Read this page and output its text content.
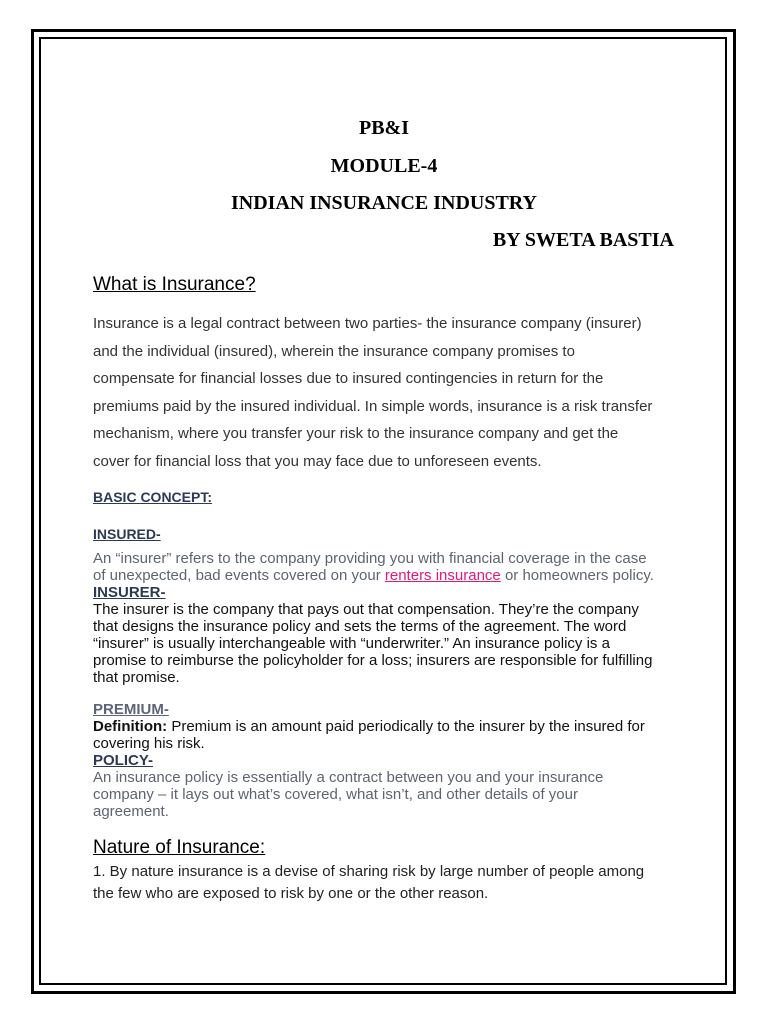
PB&I
MODULE-4
INDIAN INSURANCE INDUSTRY
BY SWETA BASTIA
What is Insurance?
Insurance is a legal contract between two parties- the insurance company (insurer)
and the individual (insured), wherein the insurance company promises to
compensate for financial losses due to insured contingencies in return for the
premiums paid by the insured individual. In simple words, insurance is a risk transfer
mechanism, where you transfer your risk to the insurance company and get the
cover for financial loss that you may face due to unforeseen events.
BASIC CONCEPT:
INSURED-
An “insurer” refers to the company providing you with financial coverage in the case
of unexpected, bad events covered on your renters insurance or homeowners policy.
INSURER-
The insurer is the company that pays out that compensation. They’re the company
that designs the insurance policy and sets the terms of the agreement. The word
“insurer” is usually interchangeable with “underwriter.” An insurance policy is a
promise to reimburse the policyholder for a loss; insurers are responsible for fulfilling
that promise.
PREMIUM-
Definition: Premium is an amount paid periodically to the insurer by the insured for
covering his risk.
POLICY-
An insurance policy is essentially a contract between you and your insurance
company – it lays out what’s covered, what isn’t, and other details of your
agreement.
Nature of Insurance:
1. By nature insurance is a devise of sharing risk by large number of people among
the few who are exposed to risk by one or the other reason.
